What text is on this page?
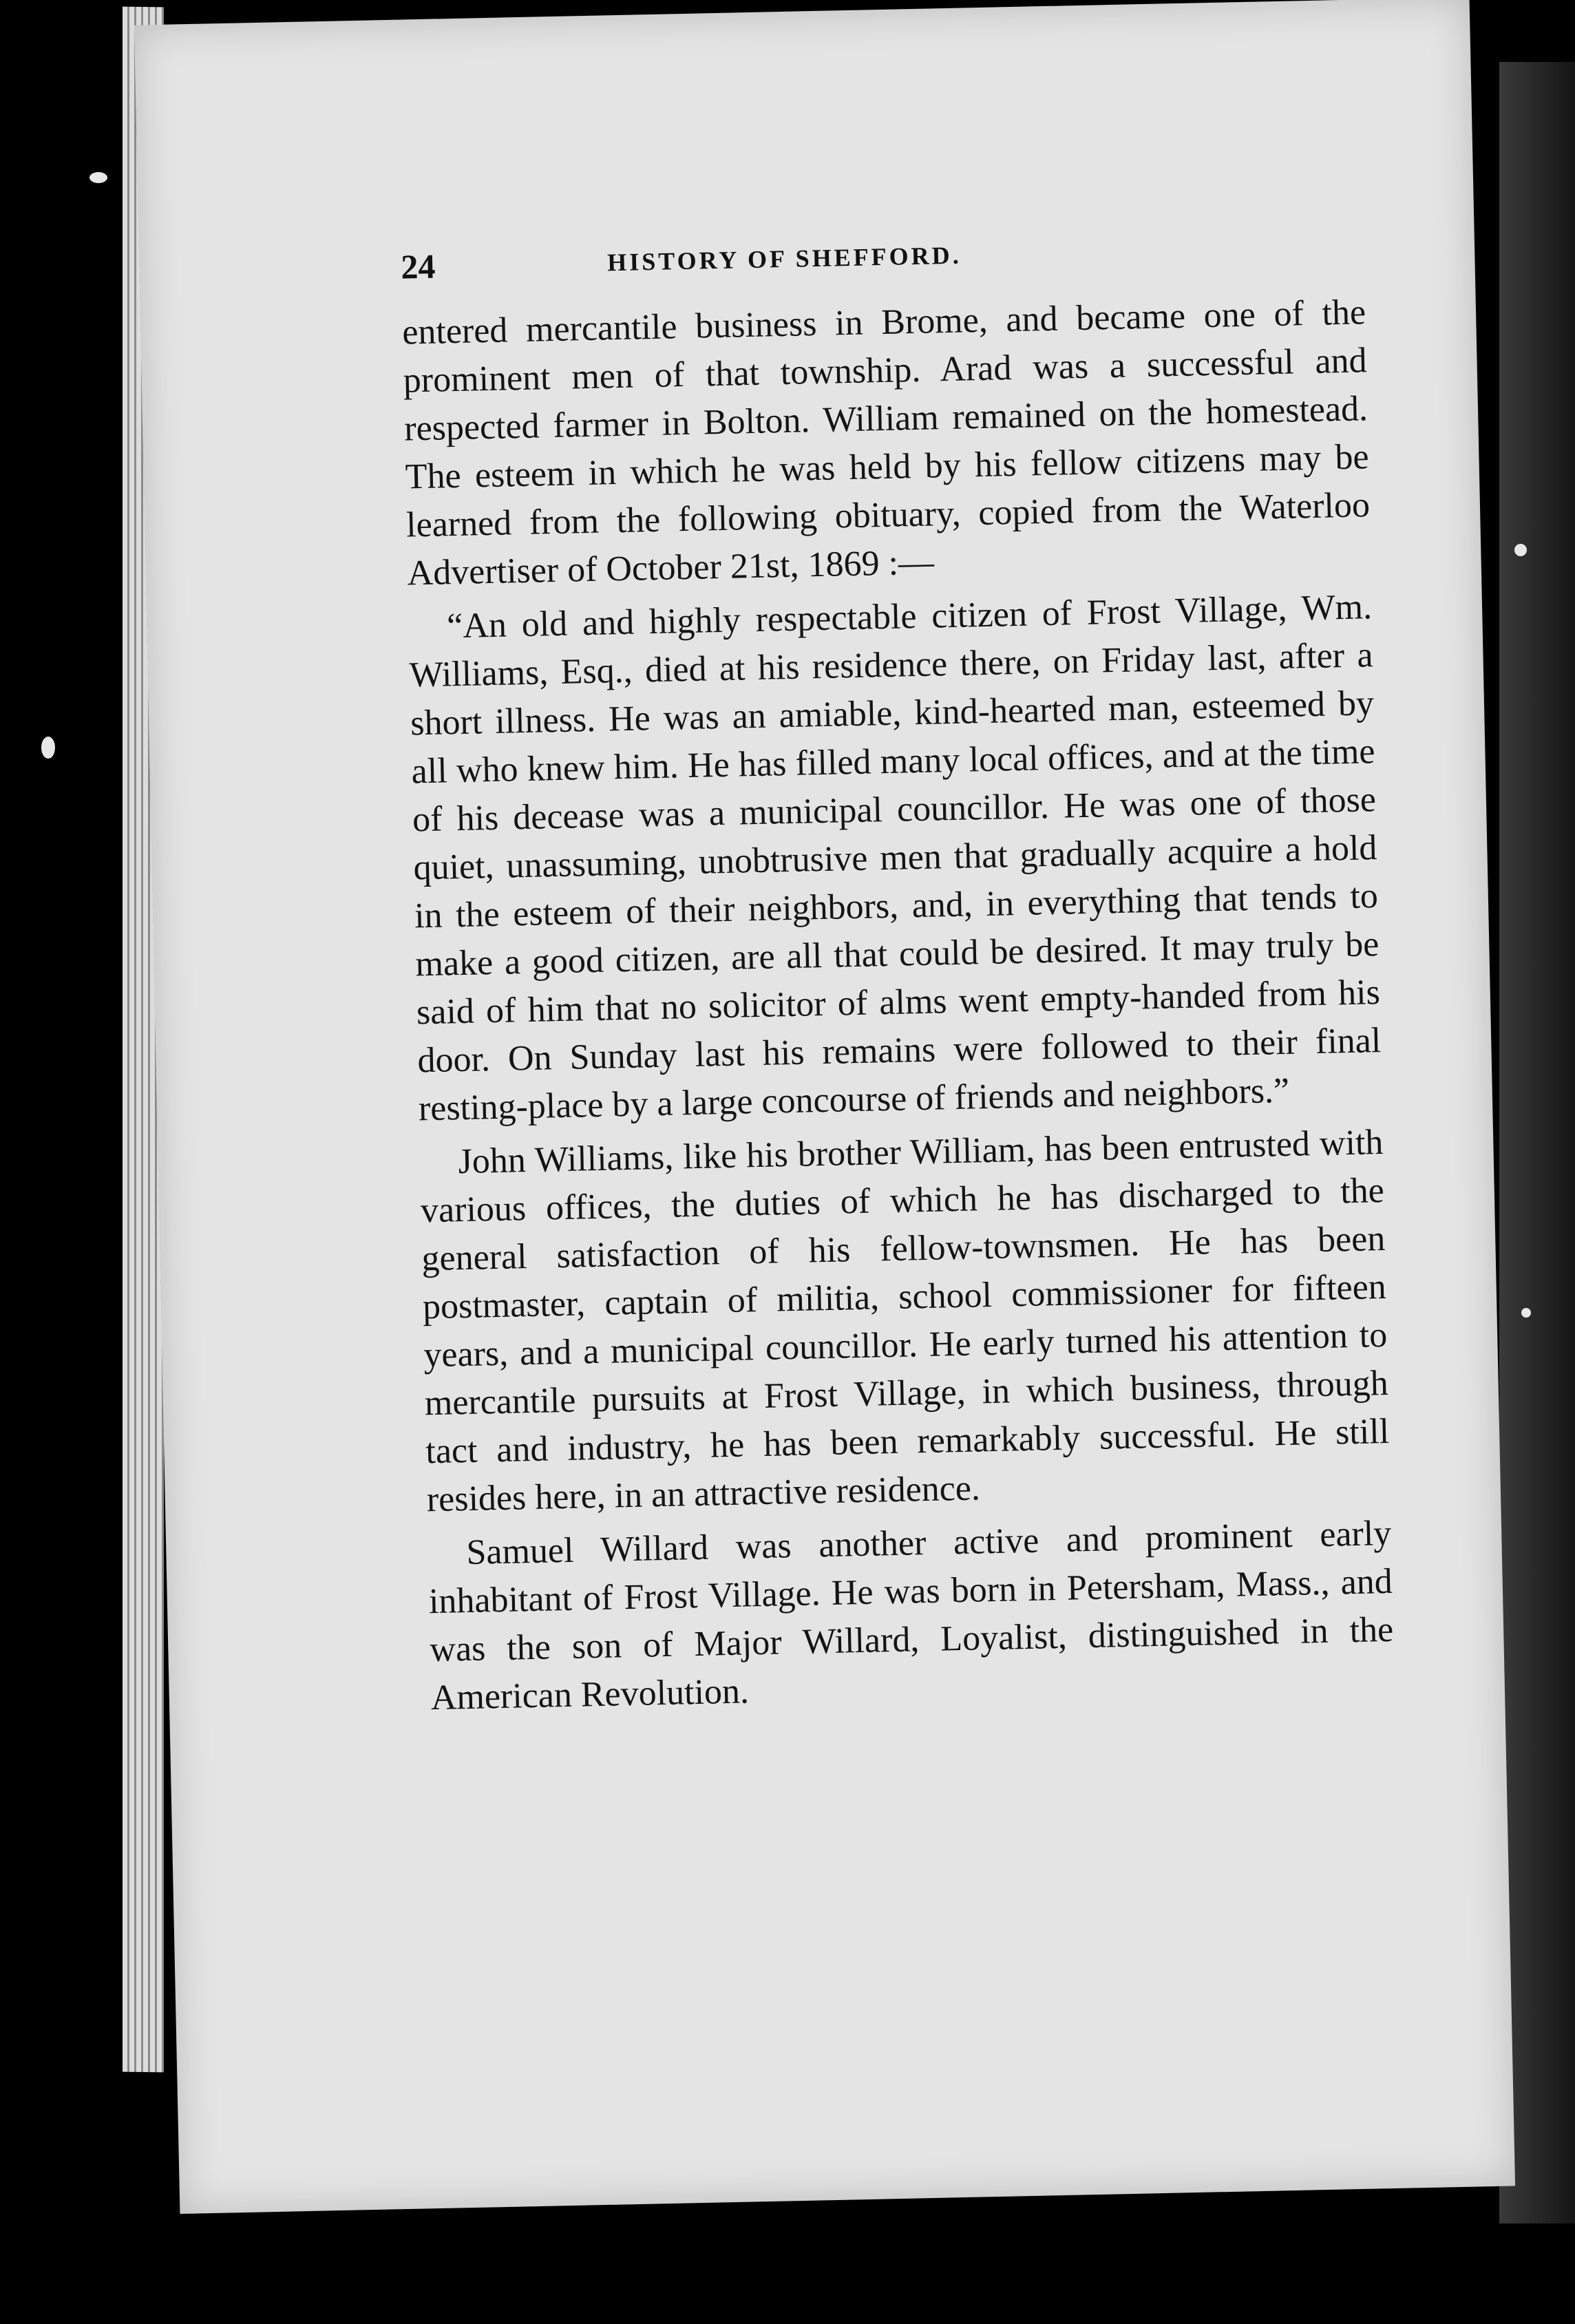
24	HISTORY OF SHEFFORD.

entered mercantile business in Brome, and became one of the prominent men of that township. Arad was a successful and respected farmer in Bolton. William remained on the homestead. The esteem in which he was held by his fellow citizens may be learned from the following obituary, copied from the Waterloo Advertiser of October 21st, 1869 :—

“An old and highly respectable citizen of Frost Village, Wm. Williams, Esq., died at his residence there, on Friday last, after a short illness. He was an amiable, kind-hearted man, esteemed by all who knew him. He has filled many local offices, and at the time of his decease was a municipal councillor. He was one of those quiet, unassuming, unobtrusive men that gradually acquire a hold in the esteem of their neighbors, and, in everything that tends to make a good citizen, are all that could be desired. It may truly be said of him that no solicitor of alms went empty-handed from his door. On Sunday last his remains were followed to their final resting-place by a large concourse of friends and neighbors.”

John Williams, like his brother William, has been entrusted with various offices, the duties of which he has discharged to the general satisfaction of his fellow-townsmen. He has been postmaster, captain of militia, school commissioner for fifteen years, and a municipal councillor. He early turned his attention to mercantile pursuits at Frost Village, in which business, through tact and industry, he has been remarkably successful. He still resides here, in an attractive residence.

Samuel Willard was another active and prominent early inhabitant of Frost Village. He was born in Petersham, Mass., and was the son of Major Willard, Loyalist, distinguished in the American Revolution.
